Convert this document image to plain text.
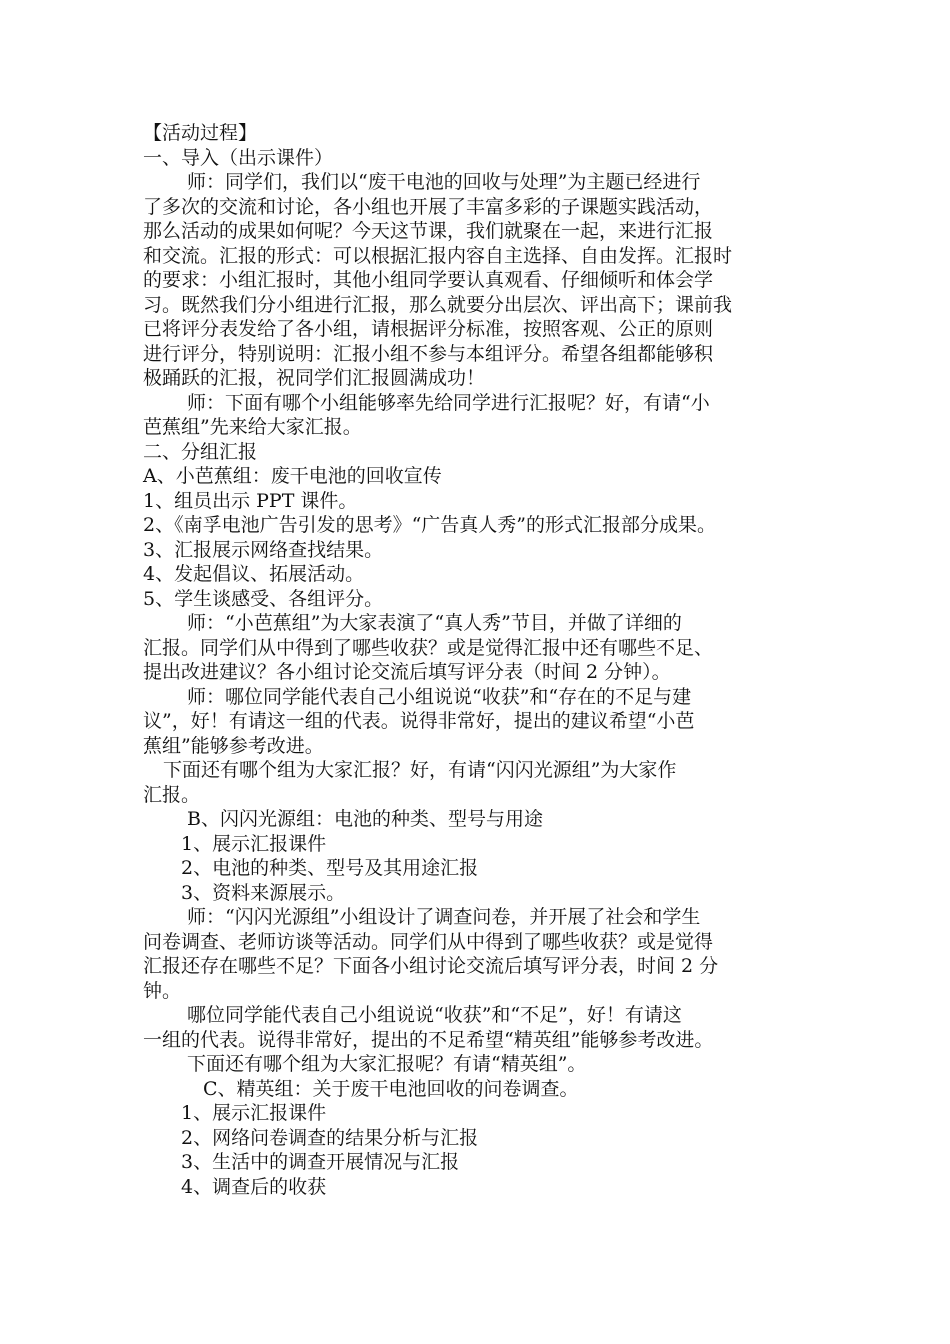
【活动过程】
一、导入（出示课件）
师：同学们，我们以“废干电池的回收与处理”为主题已经进行
了多次的交流和讨论，各小组也开展了丰富多彩的子课题实践活动，
那么活动的成果如何呢？今天这节课，我们就聚在一起，来进行汇报
和交流。汇报的形式：可以根据汇报内容自主选择、自由发挥。汇报时
的要求：小组汇报时，其他小组同学要认真观看、仔细倾听和体会学
习。既然我们分小组进行汇报，那么就要分出层次、评出高下；课前我
已将评分表发给了各小组，请根据评分标准，按照客观、公正的原则
进行评分，特别说明：汇报小组不参与本组评分。希望各组都能够积
极踊跃的汇报，祝同学们汇报圆满成功！
师：下面有哪个小组能够率先给同学进行汇报呢？好，有请“小
芭蕉组”先来给大家汇报。
二、分组汇报
A、小芭蕉组：废干电池的回收宣传
1、组员出示 PPT 课件。
2、《南孚电池广告引发的思考》“广告真人秀”的形式汇报部分成果。
3、汇报展示网络查找结果。
4、发起倡议、拓展活动。
5、学生谈感受、各组评分。
师：“小芭蕉组”为大家表演了“真人秀”节目，并做了详细的
汇报。同学们从中得到了哪些收获？或是觉得汇报中还有哪些不足、
提出改进建议？各小组讨论交流后填写评分表（时间 2 分钟）。
师：哪位同学能代表自己小组说说“收获”和“存在的不足与建
议”，好！有请这一组的代表。说得非常好，提出的建议希望“小芭
蕉组”能够参考改进。
下面还有哪个组为大家汇报？好，有请“闪闪光源组”为大家作
汇报。
B、闪闪光源组：电池的种类、型号与用途
1、展示汇报课件
2、电池的种类、型号及其用途汇报
3、资料来源展示。
师：“闪闪光源组”小组设计了调查问卷，并开展了社会和学生
问卷调查、老师访谈等活动。同学们从中得到了哪些收获？或是觉得
汇报还存在哪些不足？下面各小组讨论交流后填写评分表，时间 2 分
钟。
哪位同学能代表自己小组说说“收获”和“不足”，好！有请这
一组的代表。说得非常好，提出的不足希望“精英组”能够参考改进。
下面还有哪个组为大家汇报呢？有请“精英组”。
C、精英组：关于废干电池回收的问卷调查。
1、展示汇报课件
2、网络问卷调查的结果分析与汇报
3、生活中的调查开展情况与汇报
4、调查后的收获
